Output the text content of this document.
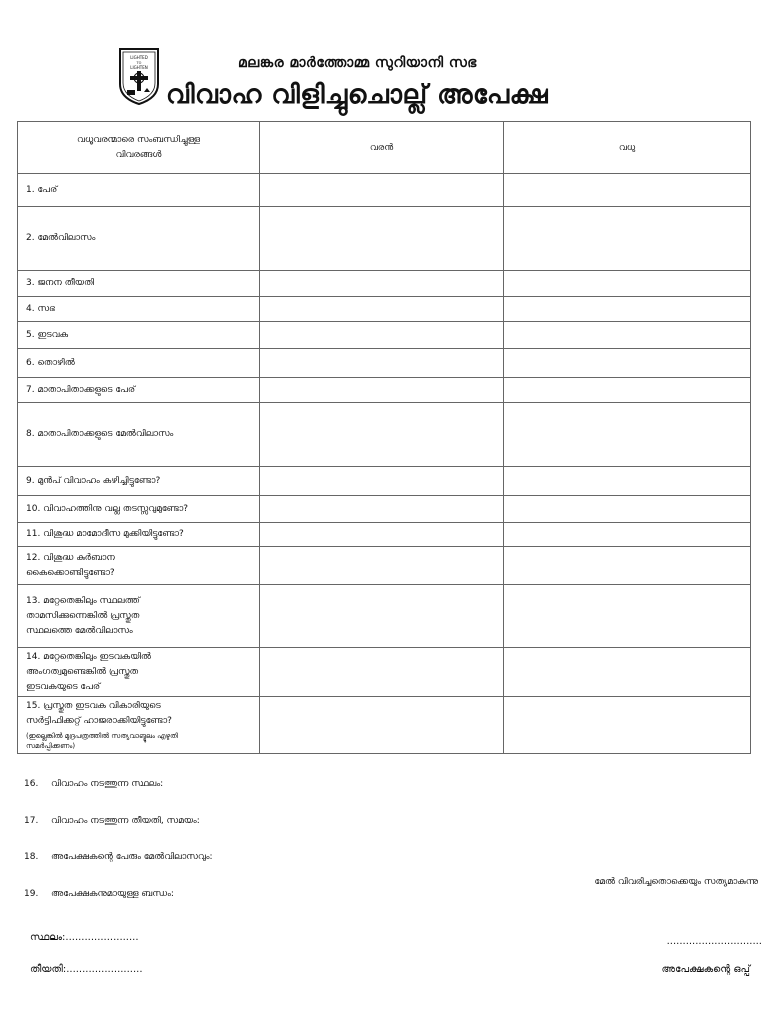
LIGHTED
TO
LIGHTEN	മലങ്കര മാർത്തോമ്മ സുറിയാനി സഭ
വിവാഹ വിളിച്ചുചൊല്ല് അപേക്ഷ
വധൂവരന്മാരെ സംബന്ധിച്ചുള്ള
വിവരങ്ങൾ	വരൻ	വധു

1. പേര്		

2. മേൽവിലാസം		

3. ജനന തീയതി		

4. സഭ		

5. ഇടവക		

6. തൊഴിൽ		

7. മാതാപിതാക്കളുടെ പേര്		

8. മാതാപിതാക്കളുടെ മേൽവിലാസം		

9. മുൻപ് വിവാഹം കഴിച്ചിട്ടുണ്ടോ?		

10. വിവാഹത്തിനു വല്ല തടസ്സവുമുണ്ടോ?		

11. വിശുദ്ധ മാമോദീസ മുക്കിയിട്ടുണ്ടോ?		

12. വിശുദ്ധ കുർബാന
കൈക്കൊണ്ടിട്ടുണ്ടോ?		

13. മറ്റേതെങ്കിലും സ്ഥലത്ത്
താമസിക്കുന്നെങ്കിൽ പ്രസ്തുത
സ്ഥലത്തെ മേൽവിലാസം		

14. മറ്റേതെങ്കിലും ഇടവകയിൽ
അംഗത്വമുണ്ടെങ്കിൽ പ്രസ്തുത
ഇടവകയുടെ പേര്		

15. പ്രസ്തുത ഇടവക വികാരിയുടെ
സർട്ടിഫിക്കറ്റ് ഹാജരാക്കിയിട്ടുണ്ടോ?
(ഇല്ലെങ്കിൽ മുദ്രപത്രത്തിൽ സത്യവാങ്മൂലം എഴുതി
സമർപ്പിക്കണം)		

16. വിവാഹം നടത്തുന്ന സ്ഥലം:
17. വിവാഹം നടത്തുന്ന തീയതി, സമയം:
18. അപേക്ഷകന്റെ പേരും മേൽവിലാസവും:
19. അപേക്ഷകനുമായുള്ള ബന്ധം:
മേൽ വിവരിച്ചതൊക്കെയും സത്യമാകുന്നു
സ്ഥലം:.......................
തീയതി:........................
..............................
അപേക്ഷകന്റെ ഒപ്പ്
